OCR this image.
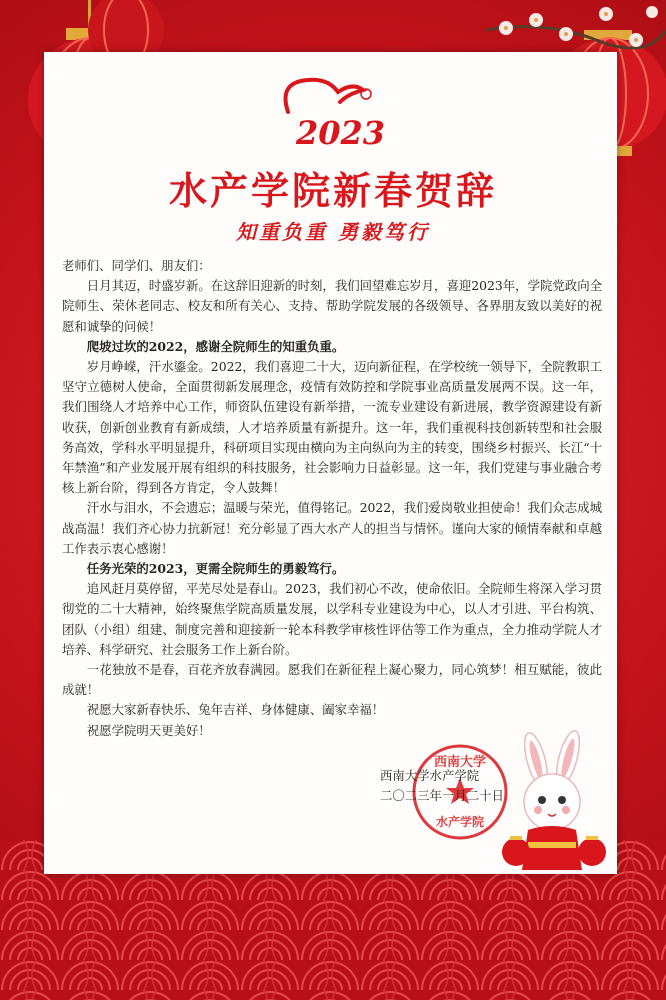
2023
水产学院新春贺辞
知重负重 勇毅笃行

老师们、同学们、朋友们：

日月其迈，时盛岁新。在这辞旧迎新的时刻，我们回望难忘岁月，喜迎2023年，学院党政向全院师生、荣休老同志、校友和所有关心、支持、帮助学院发展的各级领导、各界朋友致以美好的祝愿和诚挚的问候！

爬坡过坎的2022，感谢全院师生的知重负重。

岁月峥嵘，汗水鎏金。2022，我们喜迎二十大，迈向新征程，在学校统一领导下，全院教职工坚守立德树人使命，全面贯彻新发展理念，疫情有效防控和学院事业高质量发展两不误。这一年，我们围绕人才培养中心工作，师资队伍建设有新举措，一流专业建设有新进展，教学资源建设有新收获，创新创业教育有新成绩，人才培养质量有新提升。这一年，我们重视科技创新转型和社会服务高效，学科水平明显提升，科研项目实现由横向为主向纵向为主的转变，围绕乡村振兴、长江“十年禁渔”和产业发展开展有组织的科技服务，社会影响力日益彰显。这一年，我们党建与事业融合考核上新台阶，得到各方肯定，令人鼓舞！

汗水与泪水，不会遗忘；温暖与荣光，值得铭记。2022，我们爱岗敬业担使命！我们众志成城战高温！我们齐心协力抗新冠！充分彰显了西大水产人的担当与情怀。谨向大家的倾情奉献和卓越工作表示衷心感谢！

任务光荣的2023，更需全院师生的勇毅笃行。

追风赶月莫停留，平芜尽处是春山。2023，我们初心不改，使命依旧。全院师生将深入学习贯彻党的二十大精神，始终聚焦学院高质量发展，以学科专业建设为中心，以人才引进、平台构筑、团队（小组）组建、制度完善和迎接新一轮本科教学审核性评估等工作为重点，全力推动学院人才培养、科学研究、社会服务工作上新台阶。

一花独放不是春，百花齐放春满园。愿我们在新征程上凝心聚力，同心筑梦！相互赋能，彼此成就！

祝愿大家新春快乐、兔年吉祥、身体健康、阖家幸福！

祝愿学院明天更美好！

西南大学
水产学院
西南大学水产学院
二〇二三年一月二十日
